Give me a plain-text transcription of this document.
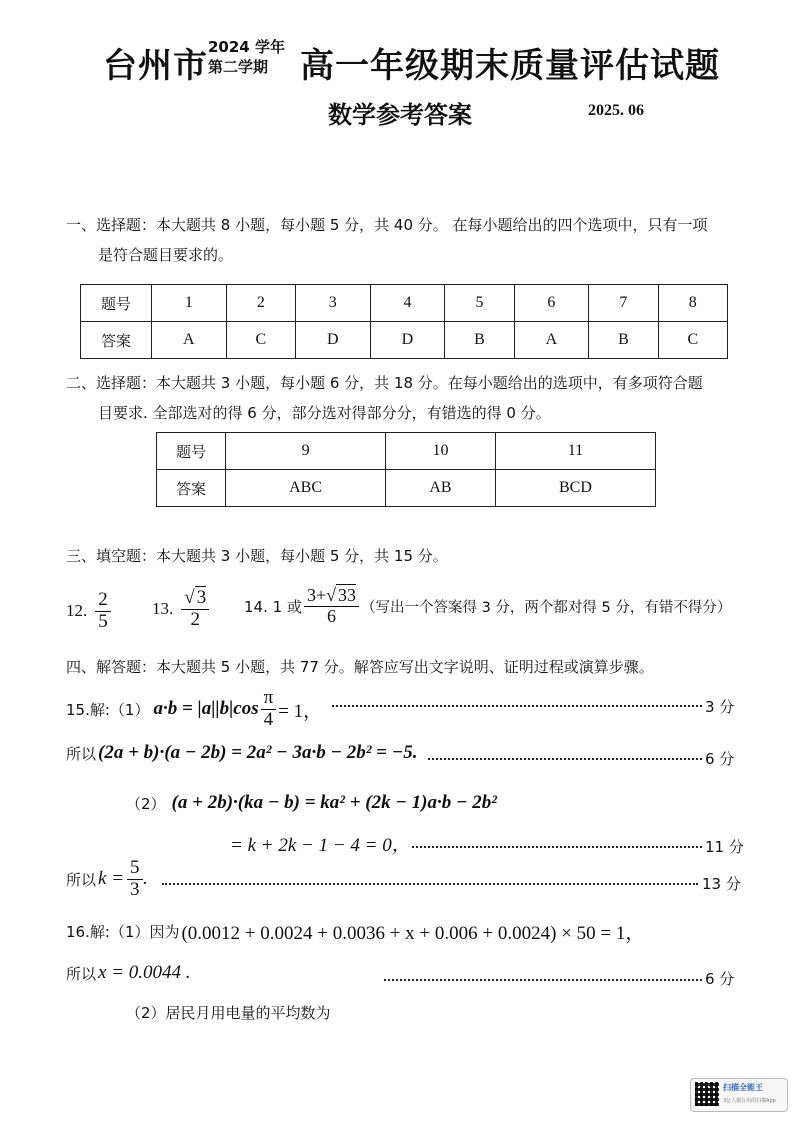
台州市 2024 学年
第二学期 高一年级期末质量评估试题
数学参考答案	2025. 06
一、选择题：本大题共 8 小题，每小题 5 分，共 40 分。 在每小题给出的四个选项中，只有一项
是符合题目要求的。
题号	1	2	3	4	5	6	7	8
答案	A	C	D	D	B	A	B	C
二、选择题：本大题共 3 小题，每小题 6 分，共 18 分。在每小题给出的选项中，有多项符合题
目要求. 全部选对的得 6 分，部分选对得部分分，有错选的得 0 分。
题号	9	10	11
答案	ABC	AB	BCD
三、填空题：本大题共 3 小题，每小题 5 分，共 15 分。
12. $\frac{2}{5} 13$. $\frac{√ 3}{2} 14$. 1 或 $\frac{3+√ 33}{6}$ （写出一个答案得 3 分，两个都对得 5 分，有错不得分）
四、解答题：本大题共 5 小题，共 77 分。解答应写出文字说明、证明过程或演算步骤。
15.解:（1） $a\cdot b = |a||b|\cos \frac{\pi}{4} = 1$，	3 分
所以 (2a + b)·(a − 2b) = 2a² − 3a·b − 2b² = −5.	6 分
（2） (a + 2b)·(ka − b) = ka² + (2k − 1)a·b − 2b²
= k + 2k − 1 − 4 = 0，	11 分
所以 $k = \frac{5}{3}$ .	13 分
16.解:（1）因为 (0.0012 + 0.0024 + 0.0036 + x + 0.006 + 0.0024) × 50 = 1，
所以 x = 0.0044 .	6 分
（2）居民月用电量的平均数为
扫描全能王
3亿人都在用的扫描App
